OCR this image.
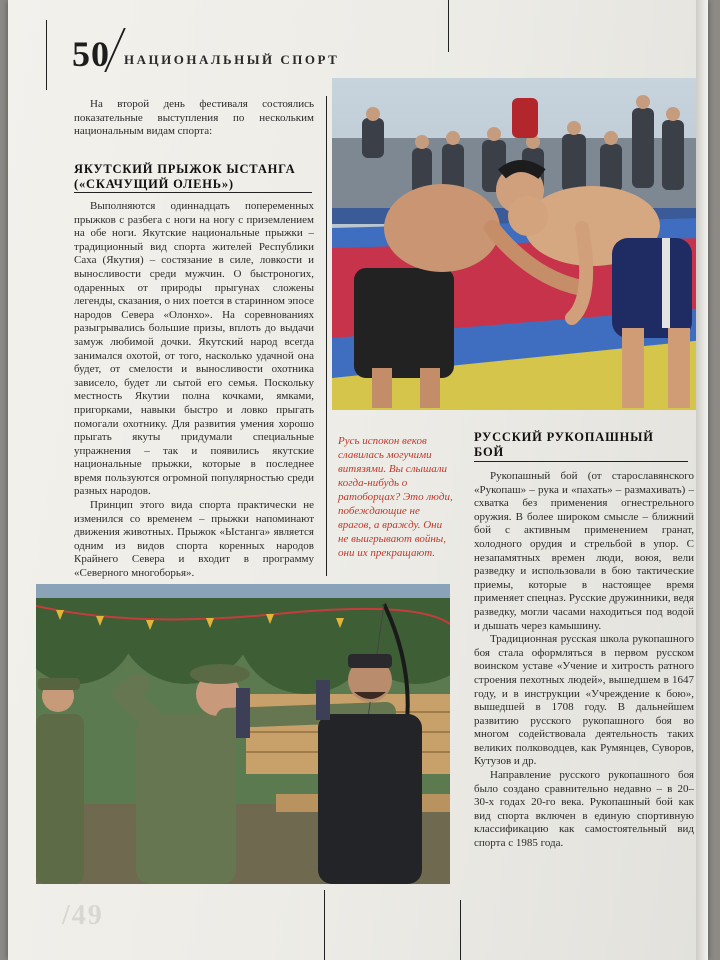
50 НАЦИОНАЛЬНЫЙ СПОРТ

На второй день фестиваля состоялись показательные выступления по нескольким национальным видам спорта:

ЯКУТСКИЙ ПРЫЖОК ЫСТАНГА
(«СКАЧУЩИЙ ОЛЕНЬ»)

Выполняются одиннадцать попеременных прыжков с разбега с ноги на ногу с приземлением на обе ноги. Якутские национальные прыжки – традиционный вид спорта жителей Республики Саха (Якутия) – состязание в силе, ловкости и выносливости среди мужчин. О быстроногих, одаренных от природы прыгунах сложены легенды, сказания, о них поется в старинном эпосе народов Севера «Олонхо». На соревнованиях разыгрывались большие призы, вплоть до выдачи замуж любимой дочки. Якутский народ всегда занимался охотой, от того, насколько удачной она будет, от смелости и выносливости охотника зависело, будет ли сытой его семья. Поскольку местность Якутии полна кочками, ямками, пригорками, навыки быстро и ловко прыгать помогали охотнику. Для развития умения хорошо прыгать якуты придумали специальные упражнения – так и появились якутские национальные прыжки, которые в последнее время пользуются огромной популярностью среди разных народов.

Принцип этого вида спорта практически не изменился со временем – прыжки напоминают движения животных. Прыжок «Ыстанга» является одним из видов спорта коренных народов Крайнего Севера и входит в программу «Северного многоборья».

Русь испокон веков славилась могучими витязями. Вы слышали когда-нибудь о ратоборцах? Это люди, побеждающие не врагов, а вражду. Они не выигрывают войны, они их прекращают.

РУССКИЙ РУКОПАШНЫЙ
БОЙ

Рукопашный бой (от старославянского «Рукопаш» – рука и «пахать» – размахивать) – схватка без применения огнестрельного оружия. В более широком смысле – ближний бой с активным применением гранат, холодного орудия и стрельбой в упор. С незапамятных времен люди, воюя, вели разведку и использовали в бою тактические приемы, которые в настоящее время применяет спецназ. Русские дружинники, ведя разведку, могли часами находиться под водой и дышать через камышину.

Традиционная русская школа рукопашного боя стала оформляться в первом русском воинском уставе «Учение и хитрость ратного строения пехотных людей», вышедшем в 1647 году, и в инструкции «Учреждение к бою», вышедшей в 1708 году. В дальнейшем развитию русского рукопашного боя во многом содействовала деятельность таких великих полководцев, как Румянцев, Суворов, Кутузов и др.

Направление русского рукопашного боя было создано сравнительно недавно – в 20–30-х годах 20-го века. Рукопашный бой как вид спорта включен в единую спортивную классификацию как самостоятельный вид спорта с 1985 года.

/49
